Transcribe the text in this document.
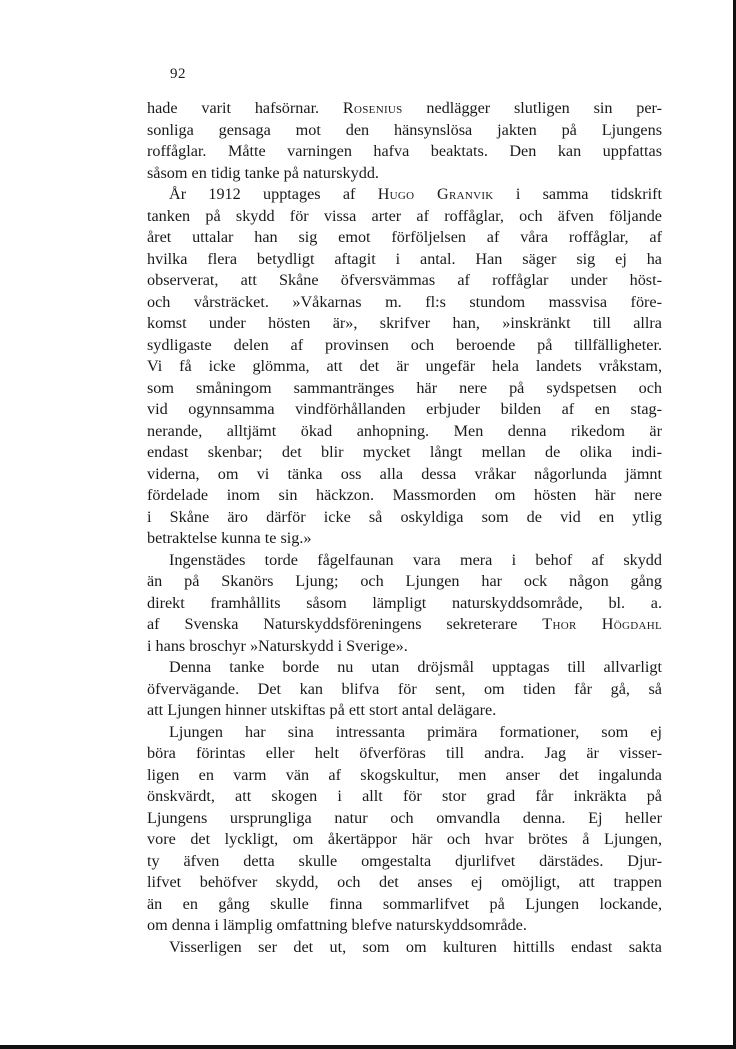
92
hade varit hafsörnar. Rosenius nedlägger slutligen sin per-
sonliga gensaga mot den hänsynslösa jakten på Ljungens
roffåglar. Måtte varningen hafva beaktats. Den kan uppfattas
såsom en tidig tanke på naturskydd.
År 1912 upptages af Hugo Granvik i samma tidskrift
tanken på skydd för vissa arter af roffåglar, och äfven följande
året uttalar han sig emot förföljelsen af våra roffåglar, af
hvilka flera betydligt aftagit i antal. Han säger sig ej ha
observerat, att Skåne öfversvämmas af roffåglar under höst-
och vårsträcket. »Våkarnas m. fl:s stundom massvisa före-
komst under hösten är», skrifver han, »inskränkt till allra
sydligaste delen af provinsen och beroende på tillfälligheter.
Vi få icke glömma, att det är ungefär hela landets vråkstam,
som småningom sammantränges här nere på sydspetsen och
vid ogynnsamma vindförhållanden erbjuder bilden af en stag-
nerande, alltjämt ökad anhopning. Men denna rikedom är
endast skenbar; det blir mycket långt mellan de olika indi-
viderna, om vi tänka oss alla dessa vråkar någorlunda jämnt
fördelade inom sin häckzon. Massmorden om hösten här nere
i Skåne äro därför icke så oskyldiga som de vid en ytlig
betraktelse kunna te sig.»
Ingenstädes torde fågelfaunan vara mera i behof af skydd
än på Skanörs Ljung; och Ljungen har ock någon gång
direkt framhållits såsom lämpligt naturskyddsområde, bl. a.
af Svenska Naturskyddsföreningens sekreterare Thor Högdahl
i hans broschyr »Naturskydd i Sverige».
Denna tanke borde nu utan dröjsmål upptagas till allvarligt
öfvervägande. Det kan blifva för sent, om tiden får gå, så
att Ljungen hinner utskiftas på ett stort antal delägare.
Ljungen har sina intressanta primära formationer, som ej
böra förintas eller helt öfverföras till andra. Jag är visser-
ligen en varm vän af skogskultur, men anser det ingalunda
önskvärdt, att skogen i allt för stor grad får inkräkta på
Ljungens ursprungliga natur och omvandla denna. Ej heller
vore det lyckligt, om åkertäppor här och hvar brötes å Ljungen,
ty äfven detta skulle omgestalta djurlifvet därstädes. Djur-
lifvet behöfver skydd, och det anses ej omöjligt, att trappen
än en gång skulle finna sommarlifvet på Ljungen lockande,
om denna i lämplig omfattning blefve naturskyddsområde.
Visserligen ser det ut, som om kulturen hittills endast sakta
